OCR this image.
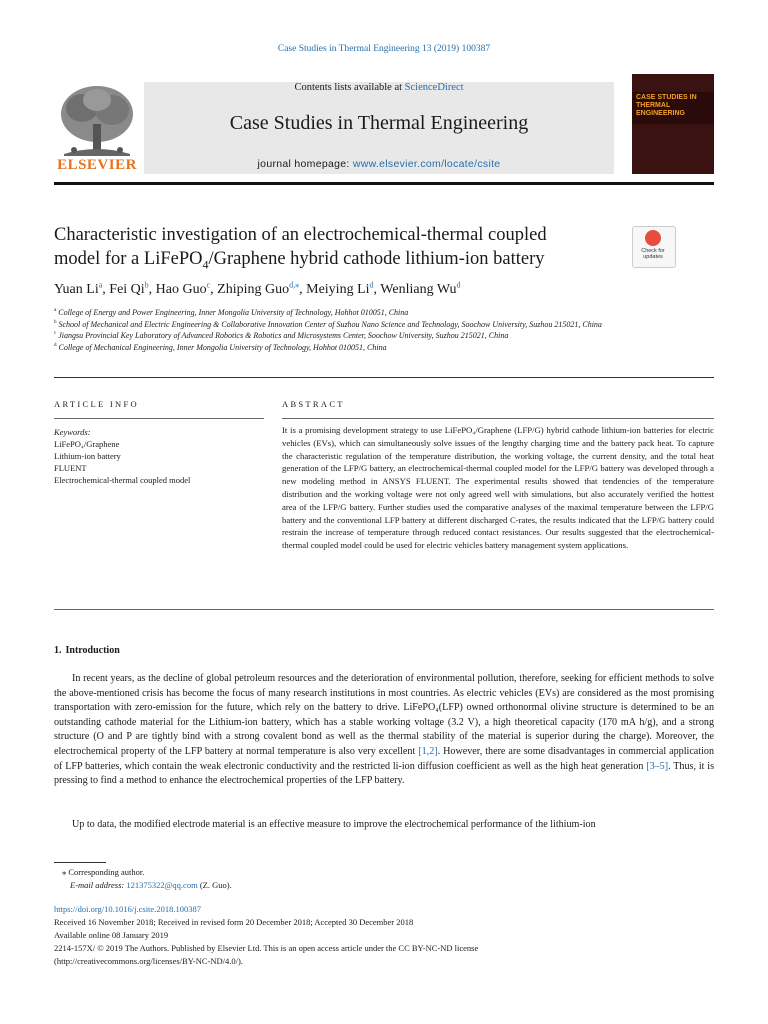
Case Studies in Thermal Engineering 13 (2019) 100387
Contents lists available at ScienceDirect
Case Studies in Thermal Engineering
journal homepage: www.elsevier.com/locate/csite
ELSEVIER
CASE STUDIES IN THERMAL ENGINEERING
Characteristic investigation of an electrochemical-thermal coupled
model for a LiFePO$_4$/Graphene hybrid cathode lithium-ion battery	Check for updates
Yuan Li$^a$, Fei Qi$^b$, Hao Guo$^c$, Zhiping Guo$^{d,⁎}$, Meiying Li$^d$, Wenliang Wu$^d$
$^a$ College of Energy and Power Engineering, Inner Mongolia University of Technology, Hohhot 010051, China
$^b$ School of Mechanical and Electric Engineering & Collaborative Innovation Center of Suzhou Nano Science and Technology, Soochow University, Suzhou 215021, China
$^c$ Jiangsu Provincial Key Laboratory of Advanced Robotics & Robotics and Microsystems Center, Soochow University, Suzhou 215021, China
$^d$ College of Mechanical Engineering, Inner Mongolia University of Technology, Hohhot 010051, China
ARTICLE INFO	ABSTRACT
Keywords:
LiFePO₄/Graphene
Lithium-ion battery
FLUENT
Electrochemical-thermal coupled model
It is a promising development strategy to use LiFePO₄/Graphene (LFP/G) hybrid cathode lithium-ion batteries for electric vehicles (EVs), which can simultaneously solve issues of the lengthy charging time and the battery pack heat. To capture the characteristic regulation of the temperature distribution, the working voltage, the current density, and the total heat generation of the LFP/G battery, an electrochemical-thermal coupled model for the LFP/G battery was developed through a new modeling method in ANSYS FLUENT. The experimental results showed that tendencies of the temperature distribution and the working voltage were not only agreed well with simulations, but also accurately verified the hottest area of the LFP/G battery. Further studies used the comparative analyses of the maximal temperature between the LFP/G battery and the conventional LFP battery at different discharged C-rates, the results indicated that the LFP/G battery could restrain the increase of temperature through reduced contact resistances. Our results suggested that the electrochemical-thermal coupled model could be used for electric vehicles battery management system applications.
1. Introduction
In recent years, as the decline of global petroleum resources and the deterioration of environmental pollution, therefore, seeking for efficient methods to solve the above-mentioned crisis has become the focus of many research institutions in most countries. As electric vehicles (EVs) are considered as the most promising transportation with zero-emission for the future, which rely on the battery to drive. LiFePO₄(LFP) owned orthonormal olivine structure is determined to be an outstanding cathode material for the Lithium-ion battery, which has a stable working voltage (3.2 V), a high theoretical capacity (170 mA h/g), and a strong structure (O and P are tightly bind with a strong covalent bond as well as the thermal stability of the material is superior during the charge). Moreover, the electrochemical property of the LFP battery at normal temperature is also very excellent [1,2]. However, there are some disadvantages in commercial application of LFP batteries, which contain the weak electronic conductivity and the restricted li-ion diffusion coefficient as well as the high heat generation [3–5]. Thus, it is pressing to find a method to enhance the electrochemical properties of the LFP battery.
Up to data, the modified electrode material is an effective measure to improve the electrochemical performance of the lithium-ion
⁎ Corresponding author.
E-mail address: 121375322@qq.com (Z. Guo).
https://doi.org/10.1016/j.csite.2018.100387
Received 16 November 2018; Received in revised form 20 December 2018; Accepted 30 December 2018
Available online 08 January 2019
2214-157X/ © 2019 The Authors. Published by Elsevier Ltd. This is an open access article under the CC BY-NC-ND license
(http://creativecommons.org/licenses/BY-NC-ND/4.0/).
